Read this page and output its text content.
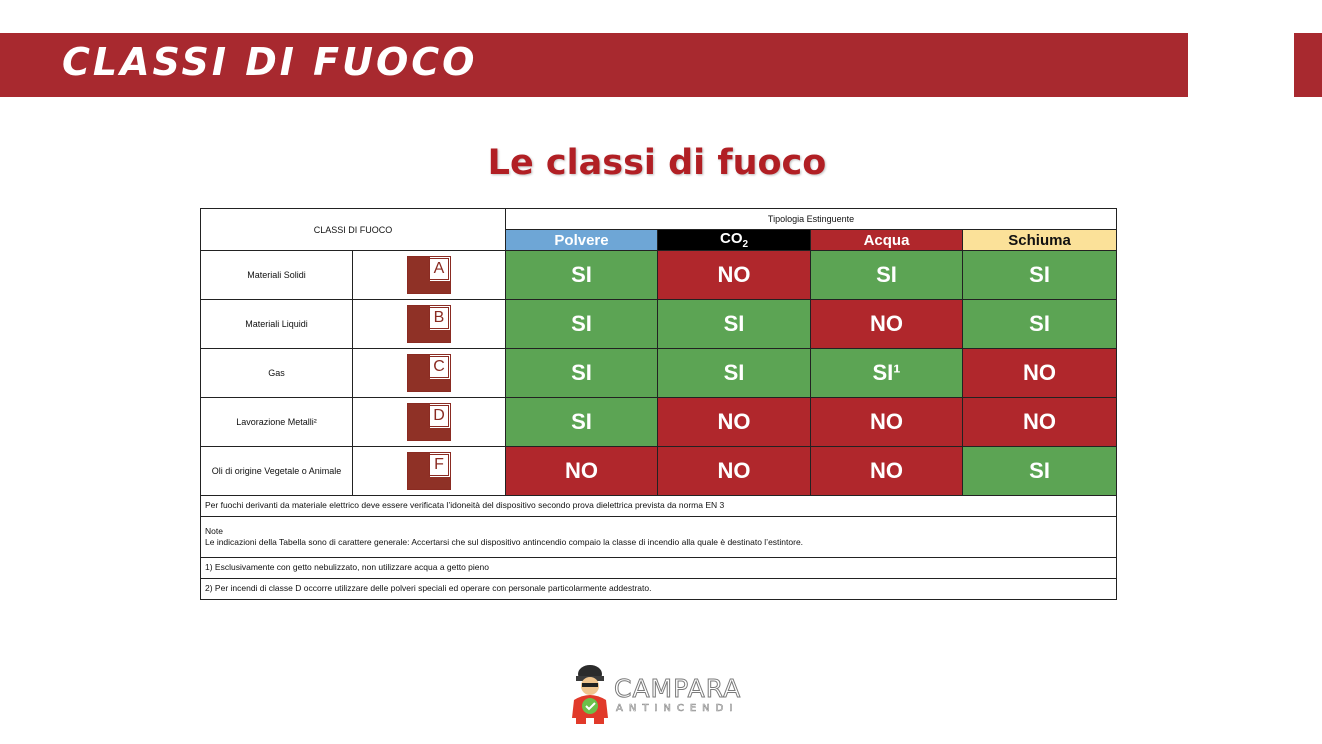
CLASSI DI FUOCO
Le classi di fuoco
CLASSI DI FUOCO		Tipologia Estinguente			
		Polvere	$CO_2$	Acqua	Schiuma
Materiali Solidi	A	SI	NO	SI	SI
Materiali Liquidi	B	SI	SI	NO	SI
Gas	C	SI	SI	SI¹	NO
Lavorazione Metalli²	D	SI	NO	NO	NO
Oli di origine Vegetale o Animale	F	NO	NO	NO	SI
Per fuochi derivanti da materiale elettrico deve essere verificata l’idoneità del dispositivo secondo prova dielettrica prevista da norma EN 3					

Note
Le indicazioni della Tabella sono di carattere generale: Accertarsi che sul dispositivo antincendio compaio la classe di incendio alla quale è destinato l’estintore.					

1) Esclusivamente con getto nebulizzato, non utilizzare acqua a getto pieno					
2) Per incendi di classe D occorre utilizzare delle polveri speciali ed operare con personale particolarmente addestrato.					
CAMPARA
ANTINCENDI
